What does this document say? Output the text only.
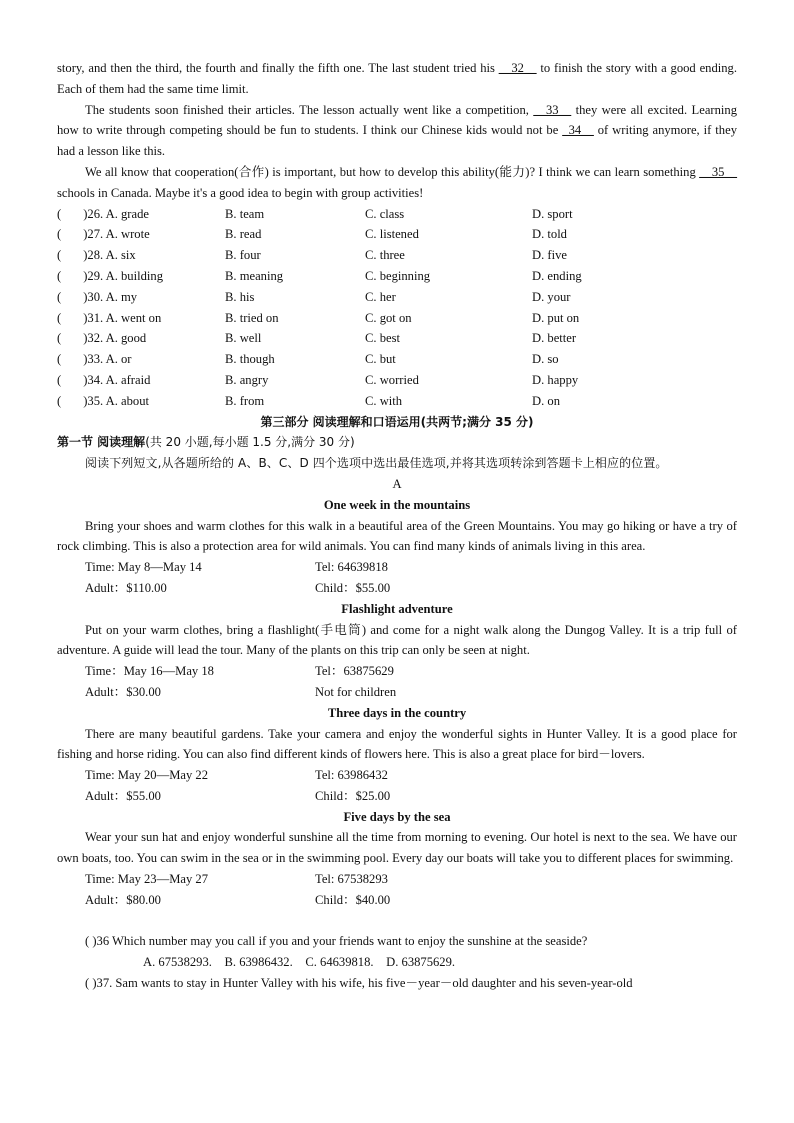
story, and then the third, the fourth and finally the fifth one. The last student tried his __32__ to finish the story with a good ending. Each of them had the same time limit.

The students soon finished their articles. The lesson actually went like a competition, __33__ they were all excited. Learning how to write through competing should be fun to students. I think our Chinese kids would not be _34__ of writing anymore, if they had a lesson like this.

We all know that cooperation(合作) is important, but how to develop this ability(能力)? I think we can learn something __35__ schools in Canada. Maybe it's a good idea to begin with group activities!

(       )26. A. grade	B. team	C. class	D. sport
(       )27. A. wrote	B. read	C. listened	D. told
(       )28. A. six	B. four	C. three	D. five
(       )29. A. building	B. meaning	C. beginning	D. ending
(       )30. A. my	B. his	C. her	D. your
(       )31. A. went on	B. tried on	C. got on	D. put on
(       )32. A. good	B. well	C. best	D. better
(       )33. A. or	B. though	C. but	D. so
(       )34. A. afraid	B. angry	C. worried	D. happy
(       )35. A. about	B. from	C. with	D. on
第三部分 阅读理解和口语运用(共两节;满分 35 分)
第一节 阅读理解(共 20 小题,每小题 1.5 分,满分 30 分)
阅读下列短文,从各题所给的 A、B、C、D 四个选项中选出最佳选项,并将其选项转涂到答题卡上相应的位置。
A
One week in the mountains

Bring your shoes and warm clothes for this walk in a beautiful area of the Green Mountains. You may go hiking or have a try of rock climbing. This is also a protection area for wild animals. You can find many kinds of animals living in this area.

Time: May 8—May 14	Tel: 64639818
Adult：$110.00	Child：$55.00
Flashlight adventure

Put on your warm clothes, bring a flashlight(手电筒) and come for a night walk along the Dungog Valley. It is a trip full of adventure. A guide will lead the tour. Many of the plants on this trip can only be seen at night.

Time：May 16—May 18	Tel：63875629
Adult：$30.00	Not for children
Three days in the country

There are many beautiful gardens. Take your camera and enjoy the wonderful sights in Hunter Valley. It is a good place for fishing and horse riding. You can also find different kinds of flowers here. This is also a great place for bird－lovers.

Time: May 20—May 22	Tel: 63986432
Adult：$55.00	Child：$25.00
Five days by the sea

Wear your sun hat and enjoy wonderful sunshine all the time from morning to evening. Our hotel is next to the sea. We have our own boats, too. You can swim in the sea or in the swimming pool. Every day our boats will take you to different places for swimming.

Time: May 23—May 27	Tel: 67538293
Adult：$80.00	Child：$40.00
( )36 Which number may you call if you and your friends want to enjoy the sunshine at the seaside?
A. 67538293.    B. 63986432.    C. 64639818.    D. 63875629.
( )37. Sam wants to stay in Hunter Valley with his wife, his five－year－old daughter and his seven-year-old
